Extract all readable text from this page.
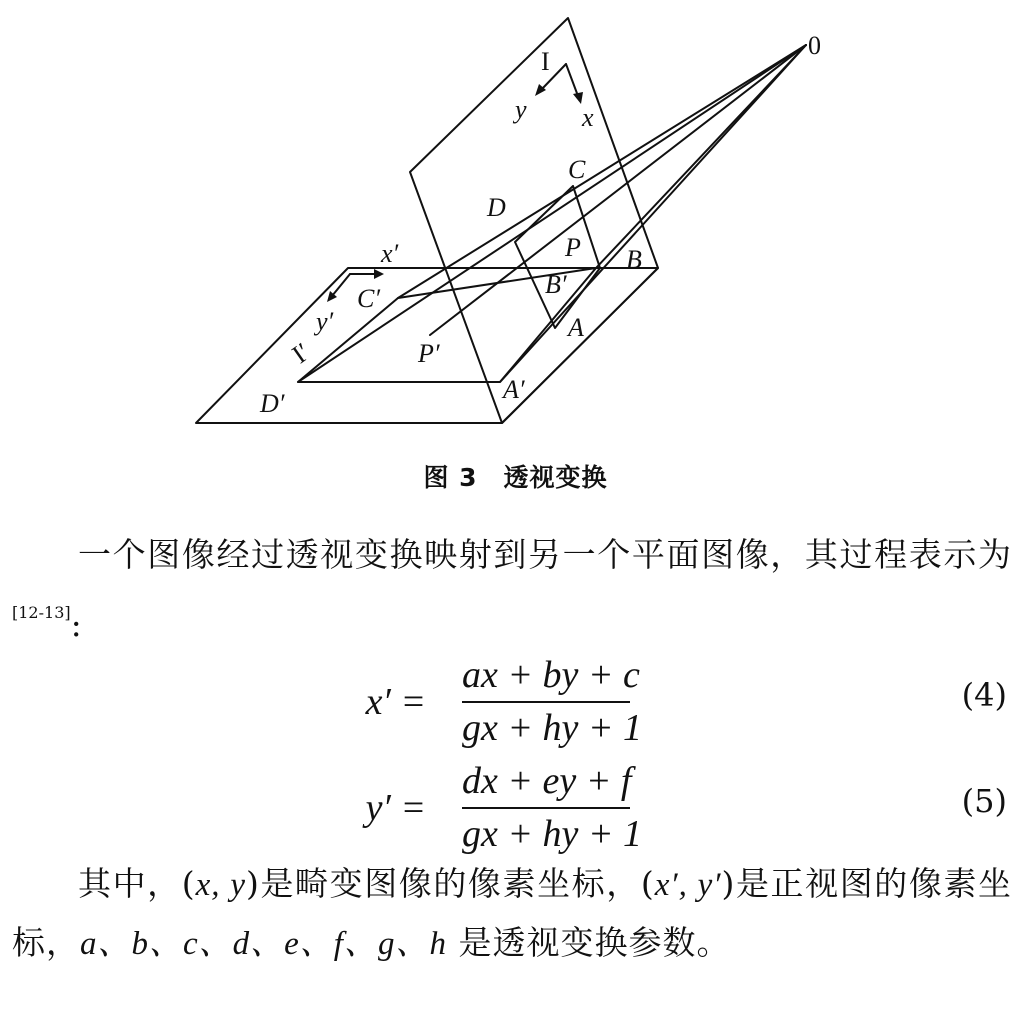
0
I
y x
C
D
P B
x′
C′	B′
y′	A
I′	P′
D′	A′
图 3 透视变换

一个图像经过透视变换映射到另一个平面图像，其过程表示为[12-13]:

x′ =
ax + by + c
gx + hy + 1
(4)
y′ =
dx + ey + f
gx + hy + 1
(5)

其中，(x, y)是畸变图像的像素坐标，(x′, y′)是正视图的像素坐标，a、b、c、d、e、f、g、h 是透视变换参数。
